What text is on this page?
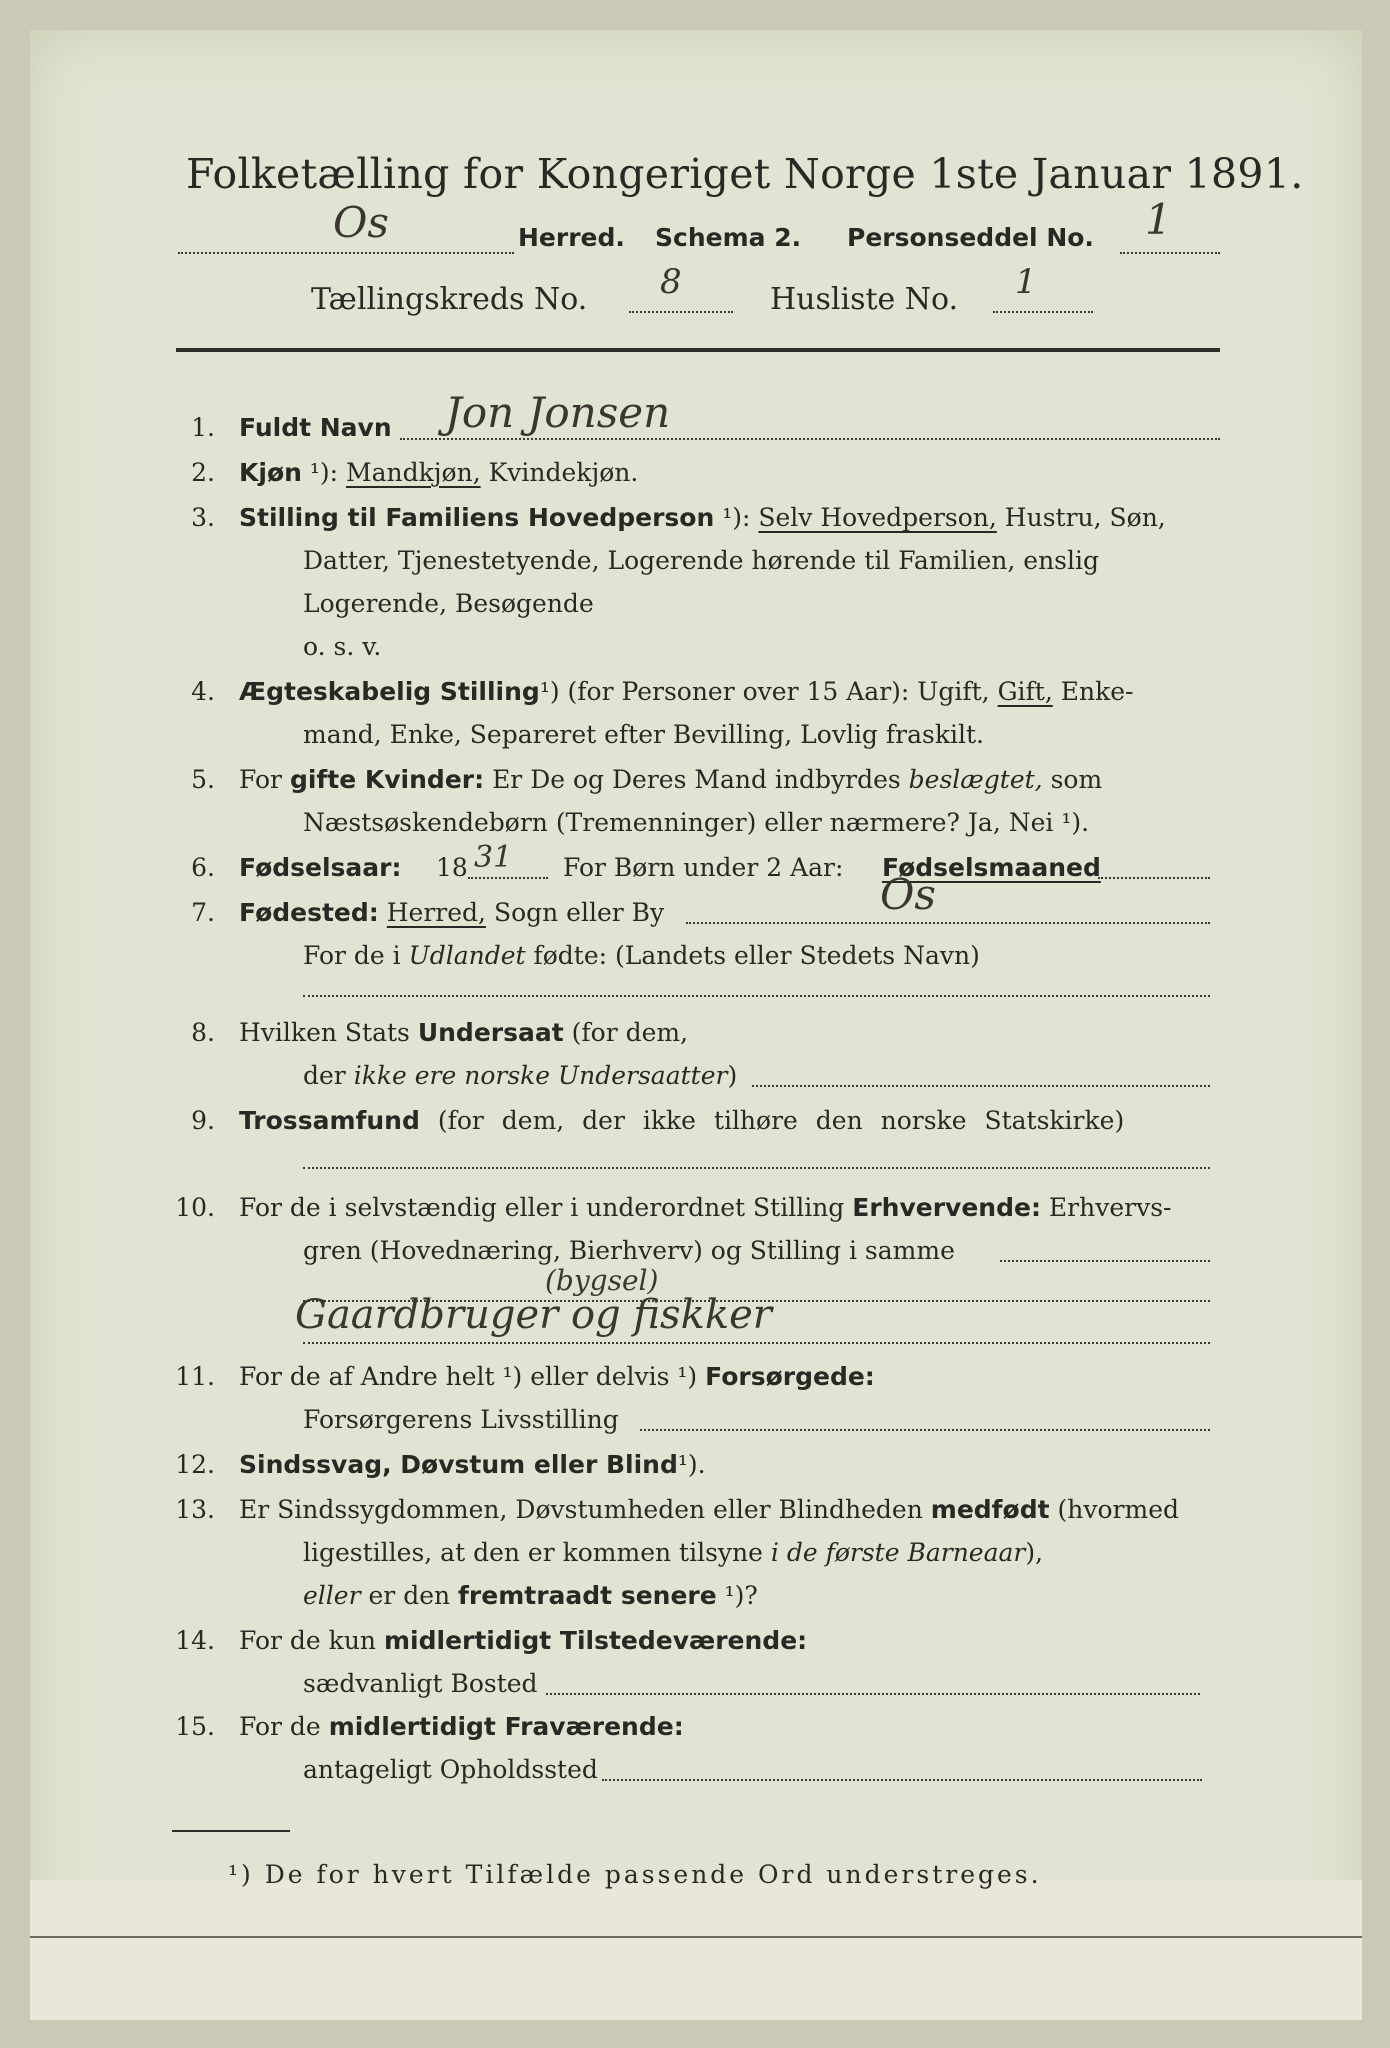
Folketælling for Kongeriget Norge 1ste Januar 1891.
Os	Herred. Schema 2. Personseddel No. 1
Tællingskreds No. 8	Husliste No. 1
1. Fuldt Navn Jon Jonsen
2. Kjøn ¹): Mandkjøn, Kvindekjøn.
3. Stilling til Familiens Hovedperson ¹): Selv Hovedperson, Hustru, Søn,
Datter, Tjenestetyende, Logerende hørende til Familien, enslig
Logerende, Besøgende
o. s. v.
4. Ægteskabelig Stilling¹) (for Personer over 15 Aar): Ugift, Gift, Enke-
mand, Enke, Separeret efter Bevilling, Lovlig fraskilt.
5. For gifte Kvinder: Er De og Deres Mand indbyrdes beslægtet, som
Næstsøskendebørn (Tremenninger) eller nærmere? Ja, Nei ¹).
6. Fødselsaar: 18 31 For Børn under 2 Aar: Fødselsmaaned
7. Fødested: Herred, Sogn eller By	Os
For de i Udlandet fødte: (Landets eller Stedets Navn)
8. Hvilken Stats Undersaat (for dem,
der ikke ere norske Undersaatter)
9. Trossamfund (for dem, der ikke tilhøre den norske Statskirke)
10. For de i selvstændig eller i underordnet Stilling Erhvervende: Erhvervs-
gren (Hovednæring, Bierhverv) og Stilling i samme
(bygsel)
Gaardbruger og fiskker
11. For de af Andre helt ¹) eller delvis ¹) Forsørgede:
Forsørgerens Livsstilling
12. Sindssvag, Døvstum eller Blind¹).
13. Er Sindssygdommen, Døvstumheden eller Blindheden medfødt (hvormed
ligestilles, at den er kommen tilsyne i de første Barneaar),
eller er den fremtraadt senere ¹)?
14. For de kun midlertidigt Tilstedeværende:
sædvanligt Bosted
15. For de midlertidigt Fraværende:
antageligt Opholdssted
¹) De for hvert Tilfælde passende Ord understreges.
